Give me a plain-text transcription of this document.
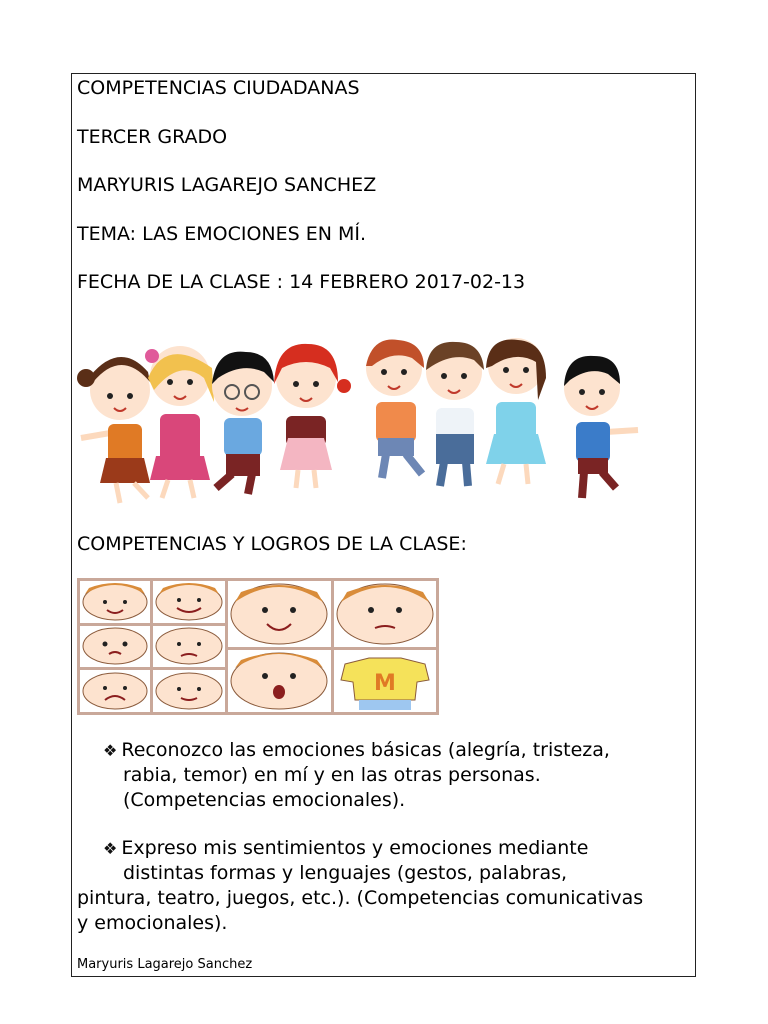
COMPETENCIAS CIUDADANAS
TERCER GRADO
MARYURIS LAGAREJO SANCHEZ
TEMA: LAS EMOCIONES EN MÍ.
FECHA DE LA CLASE : 14 FEBRERO 2017-02-13
COMPETENCIAS Y LOGROS DE LA CLASE:
M
❖ Reconozco las emociones básicas (alegría, tristeza,
rabia, temor) en mí y en las otras personas.
(Competencias emocionales).
❖ Expreso mis sentimientos y emociones mediante
distintas formas y lenguajes (gestos, palabras,
pintura, teatro, juegos, etc.). (Competencias comunicativas
y emocionales).
Maryuris Lagarejo Sanchez
